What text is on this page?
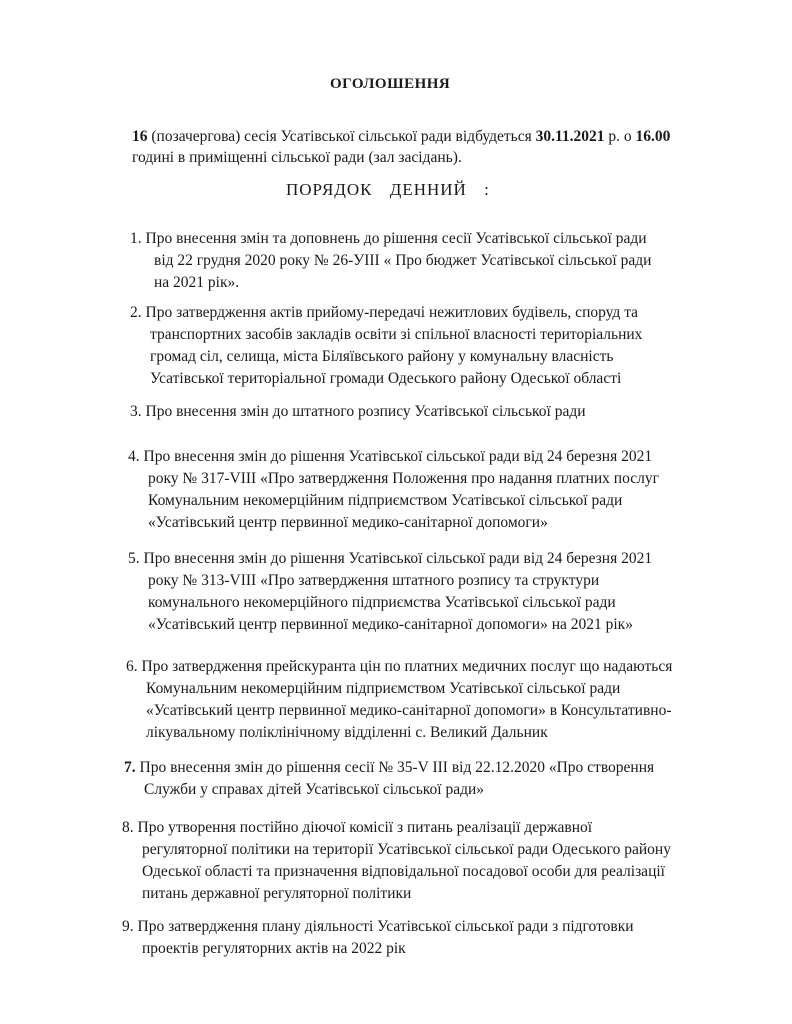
ОГОЛОШЕННЯ
16 (позачергова) сесія Усатівської сільської ради відбудеться 30.11.2021 р. о 16.00
годині в приміщенні сільської ради (зал засідань).
ПОРЯДОК ДЕННИЙ :
1. Про внесення змін та доповнень до рішення сесії Усатівської сільської ради
від 22 грудня 2020 року № 26-УІІІ « Про бюджет Усатівської сільської ради
на 2021 рік».
2. Про затвердження актів прийому-передачі нежитлових будівель, споруд та
транспортних засобів закладів освіти зі спільної власності територіальних
громад сіл, селища, міста Біляївського району у комунальну власність
Усатівської територіальної громади Одеського району Одеської області
3. Про внесення змін до штатного розпису Усатівської сільської ради
4. Про внесення змін до рішення Усатівської сільської ради від 24 березня 2021
року № 317-VIII «Про затвердження Положення про надання платних послуг
Комунальним некомерційним підприємством Усатівської сільської ради
«Усатівський центр первинної медико-санітарної допомоги»
5. Про внесення змін до рішення Усатівської сільської ради від 24 березня 2021
року № 313-VIII «Про затвердження штатного розпису та структури
комунального некомерційного підприємства Усатівської сільської ради
«Усатівський центр первинної медико-санітарної допомоги» на 2021 рік»
6. Про затвердження прейскуранта цін по платних медичних послуг що надаються
Комунальним некомерційним підприємством Усатівської сільської ради
«Усатівський центр первинної медико-санітарної допомоги» в Консультативно-
лікувальному поліклінічному відділенні с. Великий Дальник
7. Про внесення змін до рішення сесії № 35-V ІІІ від 22.12.2020 «Про створення
Служби у справах дітей Усатівської сільської ради»
8. Про утворення постійно діючої комісії з питань реалізації державної
регуляторної політики на території Усатівської сільської ради Одеського району
Одеської області та призначення відповідальної посадової особи для реалізації
питань державної регуляторної політики
9. Про затвердження плану діяльності Усатівської сільської ради з підготовки
проектів регуляторних актів на 2022 рік
